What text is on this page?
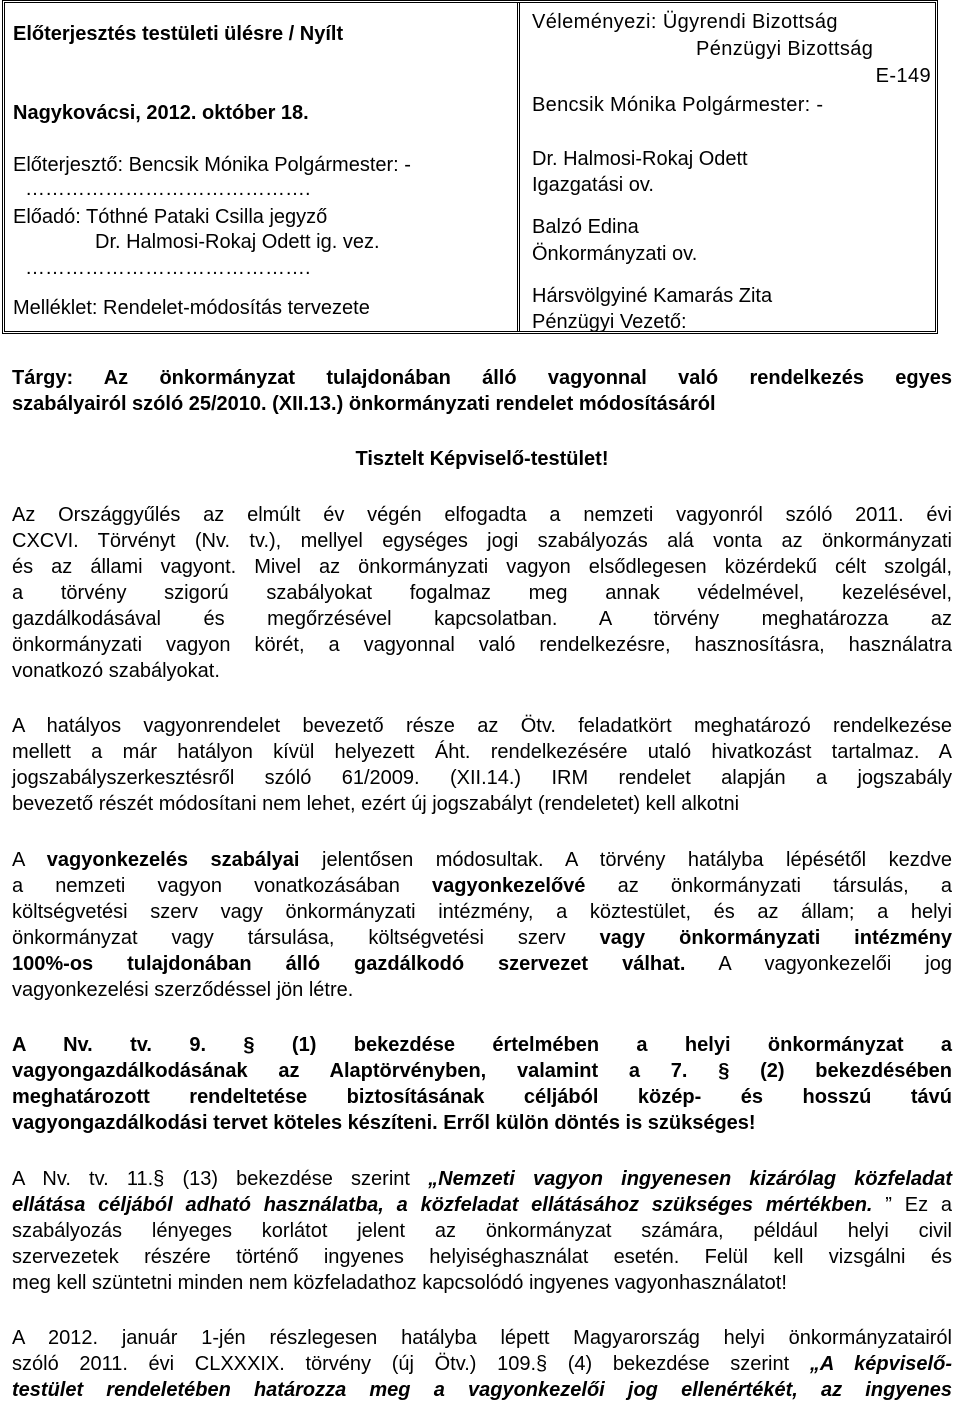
Előterjesztés testületi ülésre / Nyílt
Nagykovácsi, 2012. október 18.
Előterjesztő: Bencsik Mónika Polgármester: -
…………………………………….
Előadó: Tóthné Pataki Csilla jegyző
Dr. Halmosi-Rokaj Odett ig. vez.
…………………………………….
Melléklet: Rendelet-módosítás tervezete
Véleményezi: Ügyrendi Bizottság
Pénzügyi Bizottság
E-149
Bencsik Mónika Polgármester: -
Dr. Halmosi-Rokaj Odett
Igazgatási ov.
Balzó Edina
Önkormányzati ov.
Hársvölgyiné Kamarás Zita
Pénzügyi Vezető:
Tárgy: Az önkormányzat tulajdonában álló vagyonnal való rendelkezés egyes
szabályairól szóló 25/2010. (XII.13.) önkormányzati rendelet módosításáról
Tisztelt Képviselő-testület!
Az Országgyűlés az elmúlt év végén elfogadta a nemzeti vagyonról szóló 2011. évi
CXCVI. Törvényt (Nv. tv.), mellyel egységes jogi szabályozás alá vonta az önkormányzati
és az állami vagyont. Mivel az önkormányzati vagyon elsődlegesen közérdekű célt szolgál,
a törvény szigorú szabályokat fogalmaz meg annak védelmével, kezelésével,
gazdálkodásával és megőrzésével kapcsolatban. A törvény meghatározza az
önkormányzati vagyon körét, a vagyonnal való rendelkezésre, hasznosításra, használatra
vonatkozó szabályokat.
A hatályos vagyonrendelet bevezető része az Ötv. feladatkört meghatározó rendelkezése
mellett a már hatályon kívül helyezett Áht. rendelkezésére utaló hivatkozást tartalmaz. A
jogszabályszerkesztésről szóló 61/2009. (XII.14.) IRM rendelet alapján a jogszabály
bevezető részét módosítani nem lehet, ezért új jogszabályt (rendeletet) kell alkotni
A vagyonkezelés szabályai jelentősen módosultak. A törvény hatályba lépésétől kezdve
a nemzeti vagyon vonatkozásában vagyonkezelővé az önkormányzati társulás, a
költségvetési szerv vagy önkormányzati intézmény, a köztestület, és az állam; a helyi
önkormányzat vagy társulása, költségvetési szerv vagy önkormányzati intézmény
100%-os tulajdonában álló gazdálkodó szervezet válhat. A vagyonkezelői jog
vagyonkezelési szerződéssel jön létre.
A Nv. tv. 9. § (1) bekezdése értelmében a helyi önkormányzat a
vagyongazdálkodásának az Alaptörvényben, valamint a 7. § (2) bekezdésében
meghatározott rendeltetése biztosításának céljából közép- és hosszú távú
vagyongazdálkodási tervet köteles készíteni. Erről külön döntés is szükséges!
A Nv. tv. 11.§ (13) bekezdése szerint „Nemzeti vagyon ingyenesen kizárólag közfeladat
ellátása céljából adható használatba, a közfeladat ellátásához szükséges mértékben. ” Ez a
szabályozás lényeges korlátot jelent az önkormányzat számára, például helyi civil
szervezetek részére történő ingyenes helyiséghasználat esetén. Felül kell vizsgálni és
meg kell szüntetni minden nem közfeladathoz kapcsolódó ingyenes vagyonhasználatot!
A 2012. január 1-jén részlegesen hatályba lépett Magyarország helyi önkormányzatairól
szóló 2011. évi CLXXXIX. törvény (új Ötv.) 109.§ (4) bekezdése szerint „A képviselő-
testület rendeletében határozza meg a vagyonkezelői jog ellenértékét, az ingyenes
